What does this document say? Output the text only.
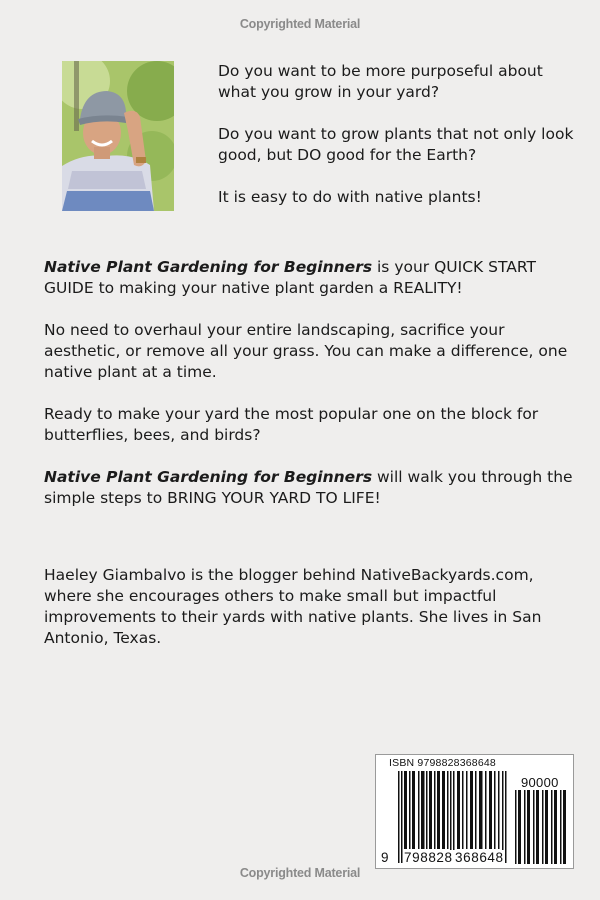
Copyrighted Material

Do you want to be more purposeful about what you grow in your yard?

Do you want to grow plants that not only look good, but DO good for the Earth?

It is easy to do with native plants!

Native Plant Gardening for Beginners is your QUICK START GUIDE to making your native plant garden a REALITY!

No need to overhaul your entire landscaping, sacrifice your aesthetic, or remove all your grass. You can make a difference, one native plant at a time.

Ready to make your yard the most popular one on the block for butterflies, bees, and birds?

Native Plant Gardening for Beginners will walk you through the simple steps to BRING YOUR YARD TO LIFE!

Haeley Giambalvo is the blogger behind NativeBackyards.com, where she encourages others to make small but impactful improvements to their yards with native plants. She lives in San Antonio, Texas.

ISBN 9798828368648
90000
9 798828 368648
Copyrighted Material
